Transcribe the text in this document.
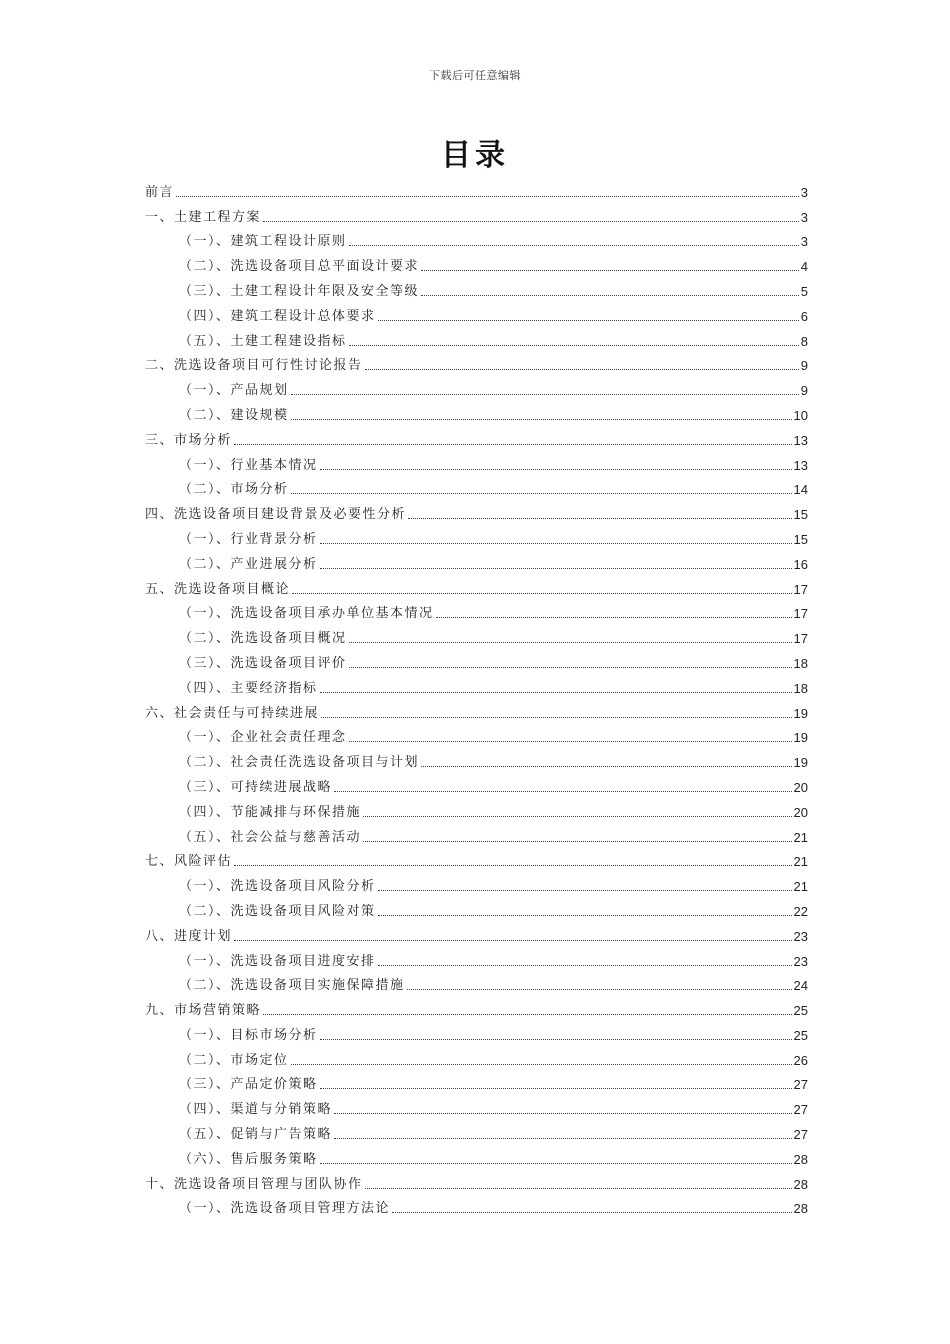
下载后可任意编辑
目录
前言	3
一、土建工程方案	3
（一）、建筑工程设计原则	3
（二）、洗选设备项目总平面设计要求	4
（三）、土建工程设计年限及安全等级	5
（四）、建筑工程设计总体要求	6
（五）、土建工程建设指标	8
二、洗选设备项目可行性讨论报告	9
（一）、产品规划	9
（二）、建设规模	10
三、市场分析	13
（一）、行业基本情况	13
（二）、市场分析	14
四、洗选设备项目建设背景及必要性分析	15
（一）、行业背景分析	15
（二）、产业进展分析	16
五、洗选设备项目概论	17
（一）、洗选设备项目承办单位基本情况	17
（二）、洗选设备项目概况	17
（三）、洗选设备项目评价	18
（四）、主要经济指标	18
六、社会责任与可持续进展	19
（一）、企业社会责任理念	19
（二）、社会责任洗选设备项目与计划	19
（三）、可持续进展战略	20
（四）、节能减排与环保措施	20
（五）、社会公益与慈善活动	21
七、风险评估	21
（一）、洗选设备项目风险分析	21
（二）、洗选设备项目风险对策	22
八、进度计划	23
（一）、洗选设备项目进度安排	23
（二）、洗选设备项目实施保障措施	24
九、市场营销策略	25
（一）、目标市场分析	25
（二）、市场定位	26
（三）、产品定价策略	27
（四）、渠道与分销策略	27
（五）、促销与广告策略	27
（六）、售后服务策略	28
十、洗选设备项目管理与团队协作	28
（一）、洗选设备项目管理方法论	28
